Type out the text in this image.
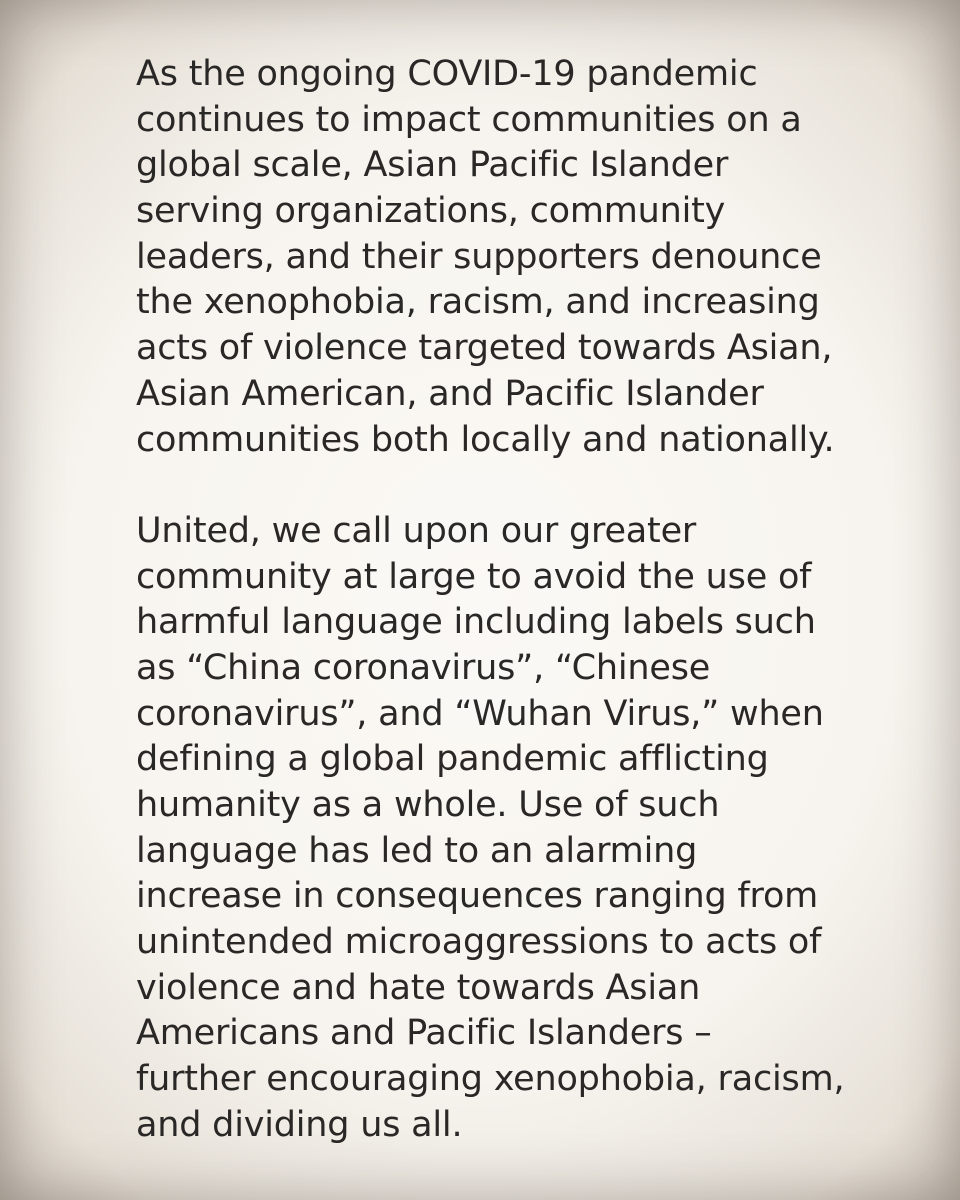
As the ongoing COVID-19 pandemic
continues to impact communities on a
global scale, Asian Pacific Islander
serving organizations, community
leaders, and their supporters denounce
the xenophobia, racism, and increasing
acts of violence targeted towards Asian,
Asian American, and Pacific Islander
communities both locally and nationally.
United, we call upon our greater
community at large to avoid the use of
harmful language including labels such
as “China coronavirus”, “Chinese
coronavirus”, and “Wuhan Virus,” when
defining a global pandemic afflicting
humanity as a whole. Use of such
language has led to an alarming
increase in consequences ranging from
unintended microaggressions to acts of
violence and hate towards Asian
Americans and Pacific Islanders –
further encouraging xenophobia, racism,
and dividing us all.
